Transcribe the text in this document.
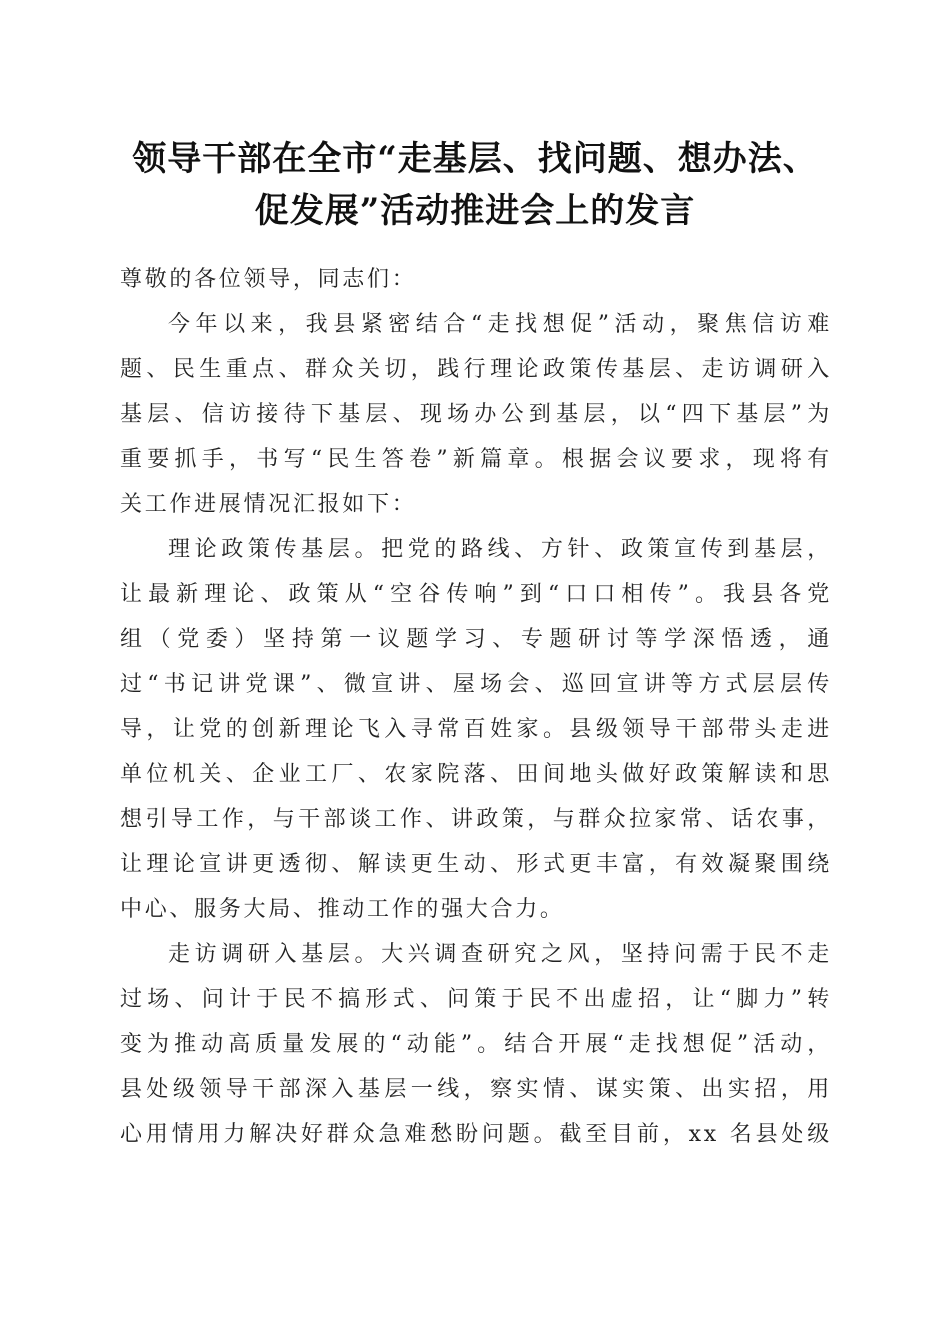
领导干部在全市“走基层、找问题、想办法、
促发展”活动推进会上的发言
尊敬的各位领导，同志们：
今年以来，我县紧密结合“走找想促”活动，聚焦信访难
题、民生重点、群众关切，践行理论政策传基层、走访调研入
基层、信访接待下基层、现场办公到基层，以“四下基层”为
重要抓手，书写“民生答卷”新篇章。根据会议要求，现将有
关工作进展情况汇报如下：
理论政策传基层。把党的路线、方针、政策宣传到基层，
让最新理论、政策从“空谷传响”到“口口相传”。我县各党
组（党委）坚持第一议题学习、专题研讨等学深悟透，通
过“书记讲党课”、微宣讲、屋场会、巡回宣讲等方式层层传
导，让党的创新理论飞入寻常百姓家。县级领导干部带头走进
单位机关、企业工厂、农家院落、田间地头做好政策解读和思
想引导工作，与干部谈工作、讲政策，与群众拉家常、话农事，
让理论宣讲更透彻、解读更生动、形式更丰富，有效凝聚围绕
中心、服务大局、推动工作的强大合力。
走访调研入基层。大兴调查研究之风，坚持问需于民不走
过场、问计于民不搞形式、问策于民不出虚招，让“脚力”转
变为推动高质量发展的“动能”。结合开展“走找想促”活动，
县处级领导干部深入基层一线，察实情、谋实策、出实招，用
心用情用力解决好群众急难愁盼问题。截至目前，xx 名县处级
